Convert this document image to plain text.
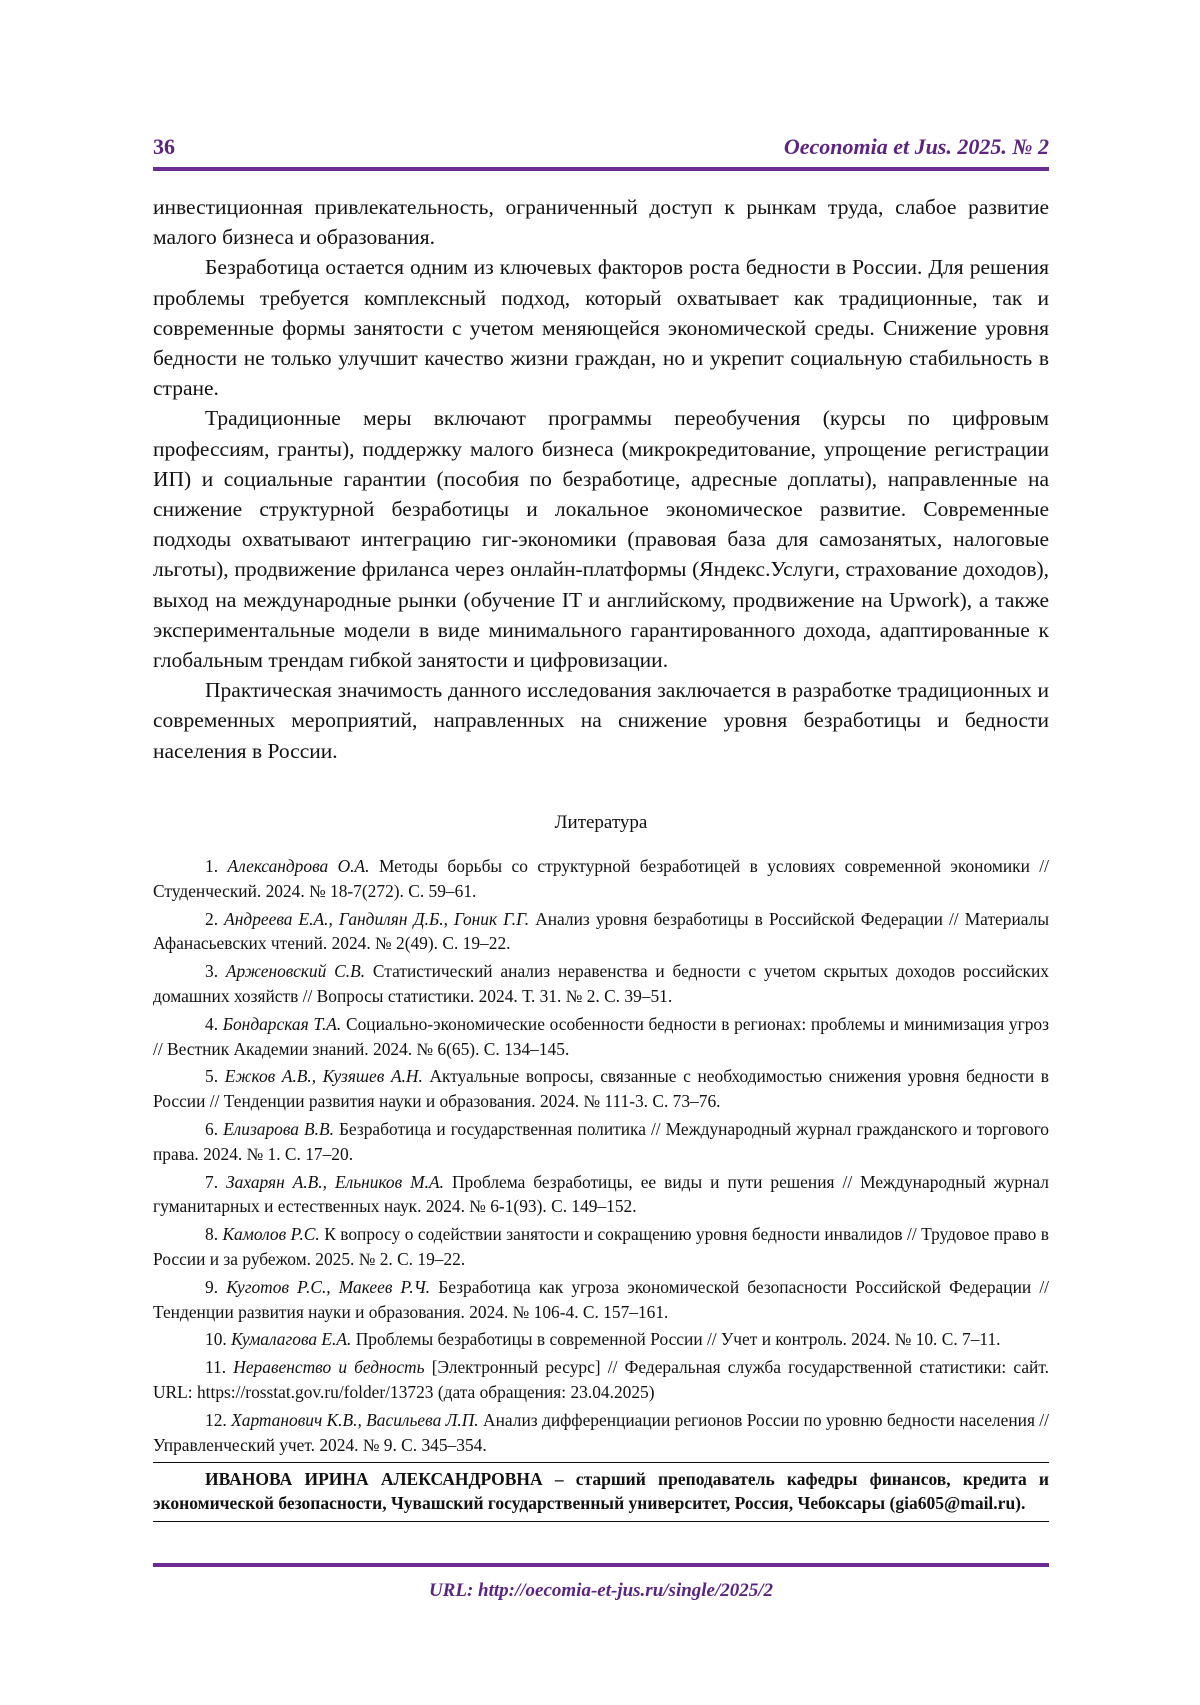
36	Oeconomia et Jus. 2025. № 2

инвестиционная привлекательность, ограниченный доступ к рынкам труда, слабое развитие малого бизнеса и образования.

Безработица остается одним из ключевых факторов роста бедности в России. Для решения проблемы требуется комплексный подход, который охватывает как традиционные, так и современные формы занятости с учетом меняющейся экономической среды. Снижение уровня бедности не только улучшит качество жизни граждан, но и укрепит социальную стабильность в стране.

Традиционные меры включают программы переобучения (курсы по цифровым профессиям, гранты), поддержку малого бизнеса (микрокредитование, упрощение регистрации ИП) и социальные гарантии (пособия по безработице, адресные доплаты), направленные на снижение структурной безработицы и локальное экономическое развитие. Современные подходы охватывают интеграцию гиг-экономики (правовая база для самозанятых, налоговые льготы), продвижение фриланса через онлайн-платформы (Яндекс.Услуги, страхование доходов), выход на международные рынки (обучение IT и английскому, продвижение на Upwork), а также экспериментальные модели в виде минимального гарантированного дохода, адаптированные к глобальным трендам гибкой занятости и цифровизации.

Практическая значимость данного исследования заключается в разработке традиционных и современных мероприятий, направленных на снижение уровня безработицы и бедности населения в России.

Литература

1. Александрова О.А. Методы борьбы со структурной безработицей в условиях современной экономики // Студенческий. 2024. № 18-7(272). С. 59–61.

2. Андреева Е.А., Гандилян Д.Б., Гоник Г.Г. Анализ уровня безработицы в Российской Федерации // Материалы Афанасьевских чтений. 2024. № 2(49). С. 19–22.

3. Арженовский С.В. Статистический анализ неравенства и бедности с учетом скрытых доходов российских домашних хозяйств // Вопросы статистики. 2024. Т. 31. № 2. С. 39–51.

4. Бондарская Т.А. Социально-экономические особенности бедности в регионах: проблемы и минимизация угроз // Вестник Академии знаний. 2024. № 6(65). С. 134–145.

5. Ежков А.В., Кузяшев А.Н. Актуальные вопросы, связанные с необходимостью снижения уровня бедности в России // Тенденции развития науки и образования. 2024. № 111-3. С. 73–76.

6. Елизарова В.В. Безработица и государственная политика // Международный журнал гражданского и торгового права. 2024. № 1. С. 17–20.

7. Захарян А.В., Ельников М.А. Проблема безработицы, ее виды и пути решения // Международный журнал гуманитарных и естественных наук. 2024. № 6-1(93). С. 149–152.

8. Камолов Р.С. К вопросу о содействии занятости и сокращению уровня бедности инвалидов // Трудовое право в России и за рубежом. 2025. № 2. С. 19–22.

9. Куготов Р.С., Макеев Р.Ч. Безработица как угроза экономической безопасности Российской Федерации // Тенденции развития науки и образования. 2024. № 106-4. С. 157–161.

10. Кумалагова Е.А. Проблемы безработицы в современной России // Учет и контроль. 2024. № 10. С. 7–11.

11. Неравенство и бедность [Электронный ресурс] // Федеральная служба государственной статистики: сайт. URL: https://rosstat.gov.ru/folder/13723 (дата обращения: 23.04.2025)

12. Хартанович К.В., Васильева Л.П. Анализ дифференциации регионов России по уровню бедности населения // Управленческий учет. 2024. № 9. С. 345–354.

ИВАНОВА ИРИНА АЛЕКСАНДРОВНА – старший преподаватель кафедры финансов, кредита и экономической безопасности, Чувашский государственный университет, Россия, Чебоксары (gia605@mail.ru).

URL: http://oecomia-et-jus.ru/single/2025/2
